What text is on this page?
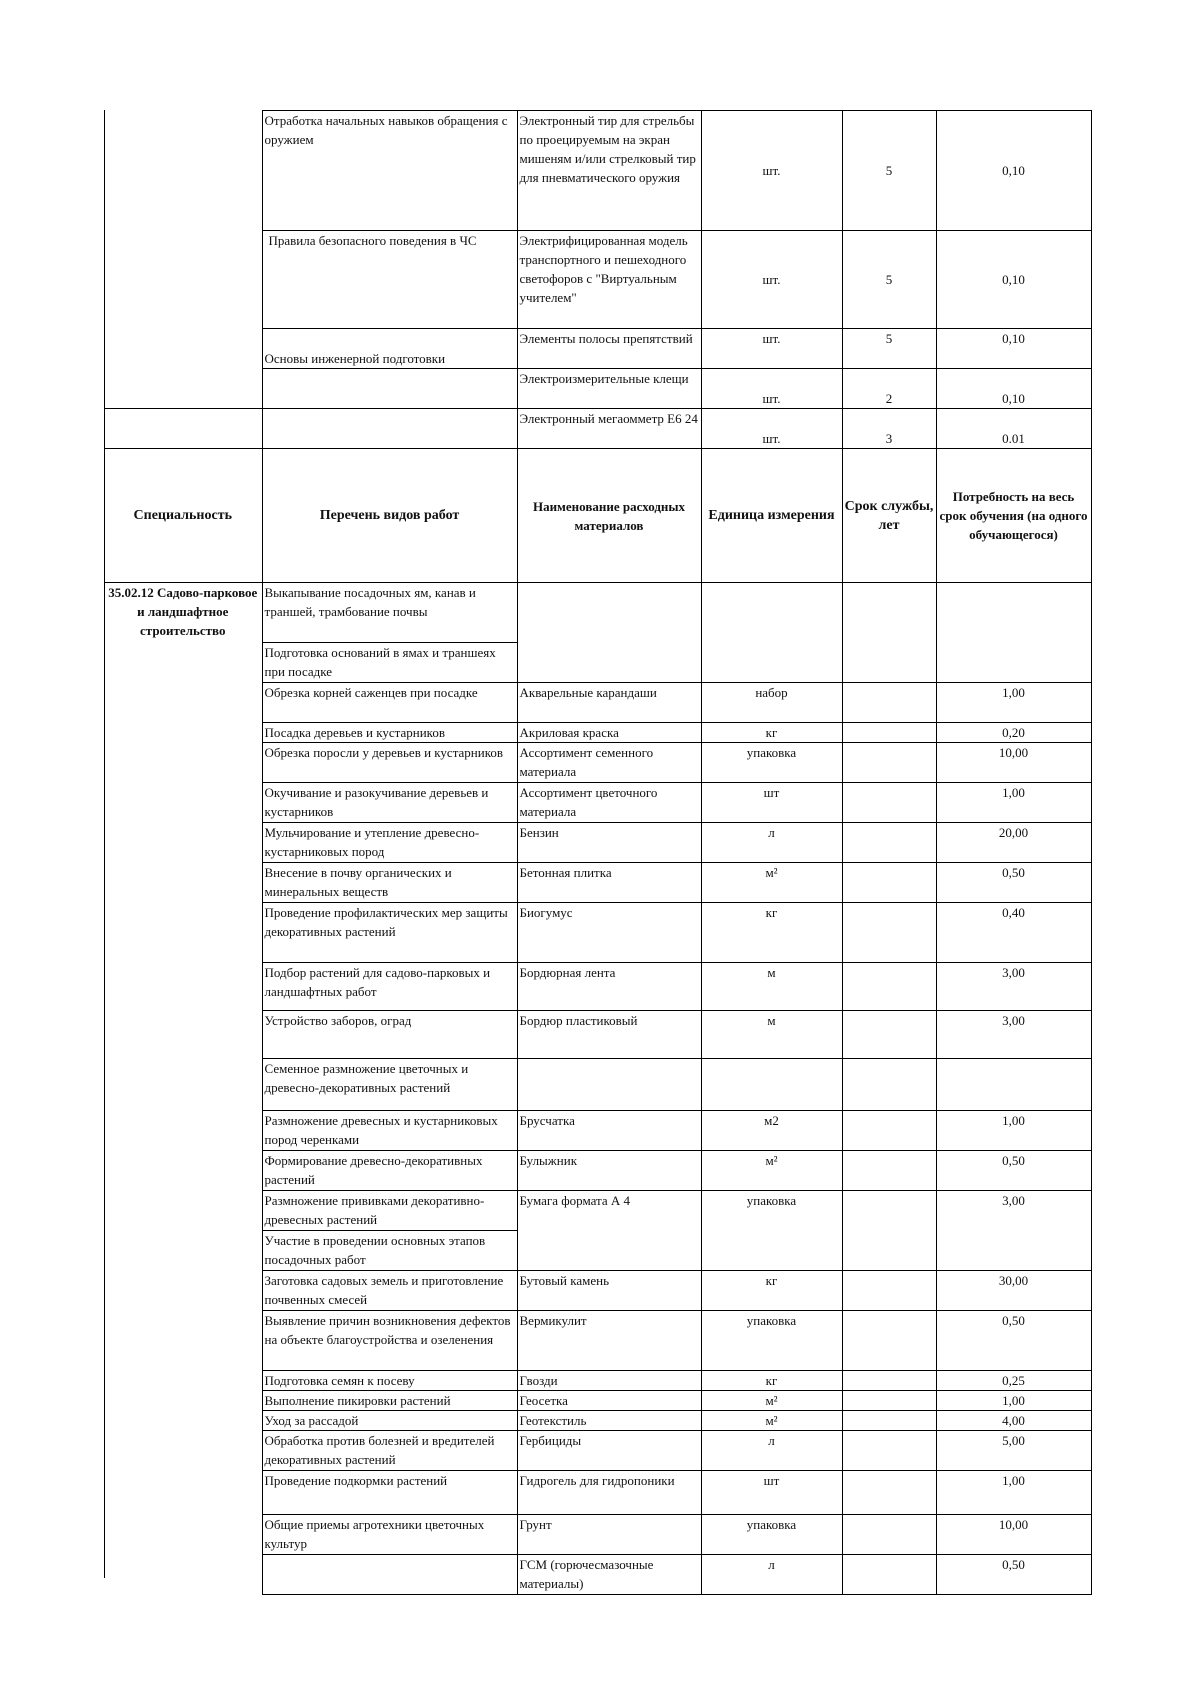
	Отработка начальных навыков обращения с оружием	Электронный тир для стрельбы по проецируемым на экран мишеням и/или стрелковый тир для пневматического оружия	шт.	5	0,10
	Правила безопасного поведения в ЧС	Электрифицированная модель транспортного и пешеходного светофоров с "Виртуальным учителем"	шт.	5	0,10
	Основы инженерной подготовки	Элементы полосы препятствий	шт.	5	0,10
		Электроизмерительные клещи	шт.	2	0,10
		Электронный мегаомметр Е6 24	шт.	3	0.01
Специальность	Перечень видов работ	Наименование расходных материалов	Единица измерения	Срок службы, лет	Потребность на весь срок обучения (на одного обучающегося)
35.02.12 Садово-парковое и ландшафтное строительство	Выкапывание посадочных ям, канав и траншей, трамбование почвы				
	Подготовка оснований в ямах и траншеях при посадке				
	Обрезка корней саженцев при посадке	Акварельные карандаши	набор		1,00
	Посадка деревьев и кустарников	Акриловая краска	кг		0,20
	Обрезка поросли у деревьев и кустарников	Ассортимент семенного материала	упаковка		10,00
	Окучивание и разокучивание деревьев и кустарников	Ассортимент цветочного материала	шт		1,00
	Мульчирование и утепление древесно-кустарниковых пород	Бензин	л		20,00
	Внесение в почву органических и минеральных веществ	Бетонная плитка	м²		0,50
	Проведение профилактических мер защиты декоративных растений	Биогумус	кг		0,40
	Подбор растений для садово-парковых и ландшафтных работ	Бордюрная лента	м		3,00
	Устройство заборов, оград	Бордюр пластиковый	м		3,00
	Семенное размножение цветочных и древесно-декоративных растений				
	Размножение древесных и кустарниковых пород черенками	Брусчатка	м2		1,00
	Формирование древесно-декоративных растений	Булыжник	м²		0,50
	Размножение прививками декоративно- древесных растений	Бумага формата А 4	упаковка		3,00
	Участие в проведении основных этапов посадочных работ				
	Заготовка садовых земель и приготовление почвенных смесей	Бутовый камень	кг		30,00
	Выявление причин возникновения дефектов на объекте благоустройства и озеленения	Вермикулит	упаковка		0,50
	Подготовка семян к посеву	Гвозди	кг		0,25
	Выполнение пикировки растений	Геосетка	м²		1,00
	Уход за рассадой	Геотекстиль	м²		4,00
	Обработка против болезней и вредителей декоративных растений	Гербициды	л		5,00
	Проведение подкормки растений	Гидрогель для гидропоники	шт		1,00
	Общие приемы агротехники цветочных культур	Грунт	упаковка		10,00
		ГСМ (горючесмазочные материалы)	л		0,50
